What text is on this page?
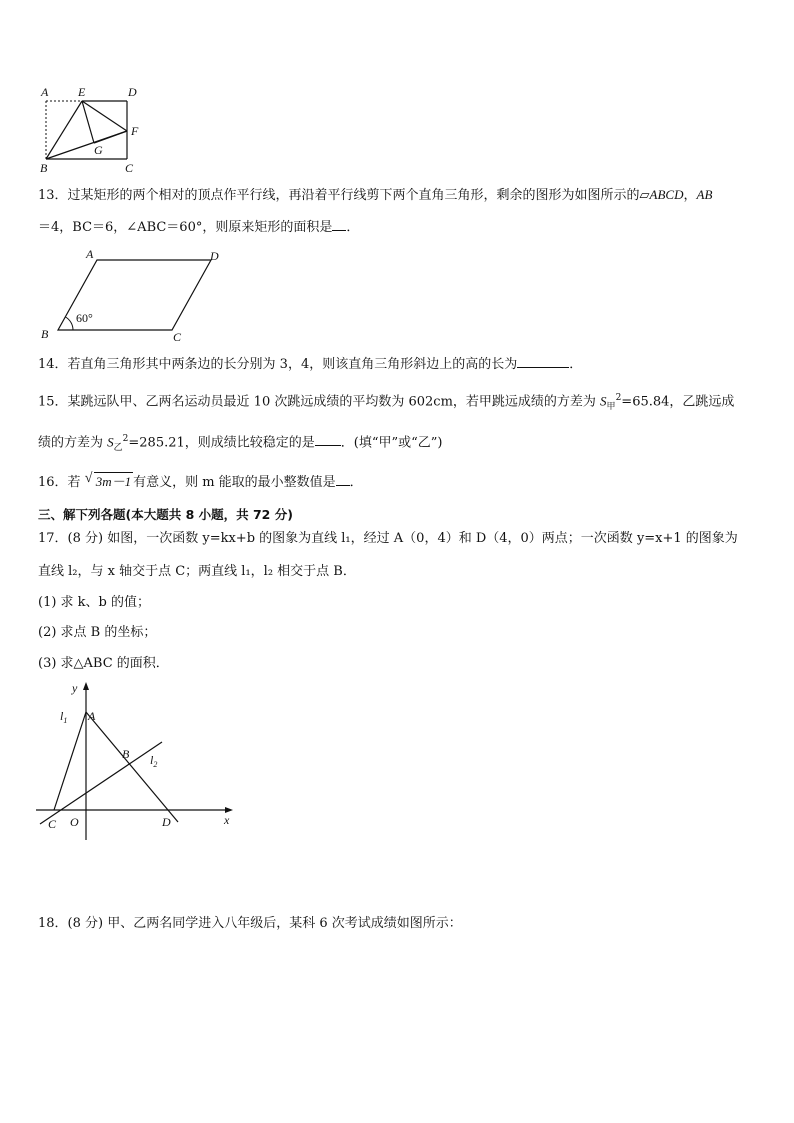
A E	D
F
G
B	C
13．过某矩形的两个相对的顶点作平行线，再沿着平行线剪下两个直角三角形，剩余的图形为如图所示的▱ABCD，AB
＝4，BC＝6，∠ABC＝60°，则原来矩形的面积是 ．
A	D
B	C
60°
14．若直角三角形其中两条边的长分别为 3，4，则该直角三角形斜边上的高的长为	．
15．某跳远队甲、乙两名运动员最近 10 次跳远成绩的平均数为 602cm，若甲跳远成绩的方差为 $S_甲^2=65.84$，乙跳远成
绩的方差为 $S_乙^2=285.21$，则成绩比较稳定的是 ．(填“甲”或“乙”)
16．若 √ 3m－1 有意义，则 m 能取的最小整数值是 ．
三、解下列各题(本大题共 8 小题，共 72 分)
17．(8 分) 如图，一次函数 y=kx+b 的图象为直线 l₁，经过 A（0，4）和 D（4，0）两点；一次函数 y=x+1 的图象为
直线 l₂，与 x 轴交于点 C；两直线 l₁，l₂ 相交于点 B．
(1) 求 k、b 的值；
(2) 求点 B 的坐标；
(3) 求△ABC 的面积．
y
x
$l_1$ A
B $l_2$
C O	D
18．(8 分) 甲、乙两名同学进入八年级后，某科 6 次考试成绩如图所示：
